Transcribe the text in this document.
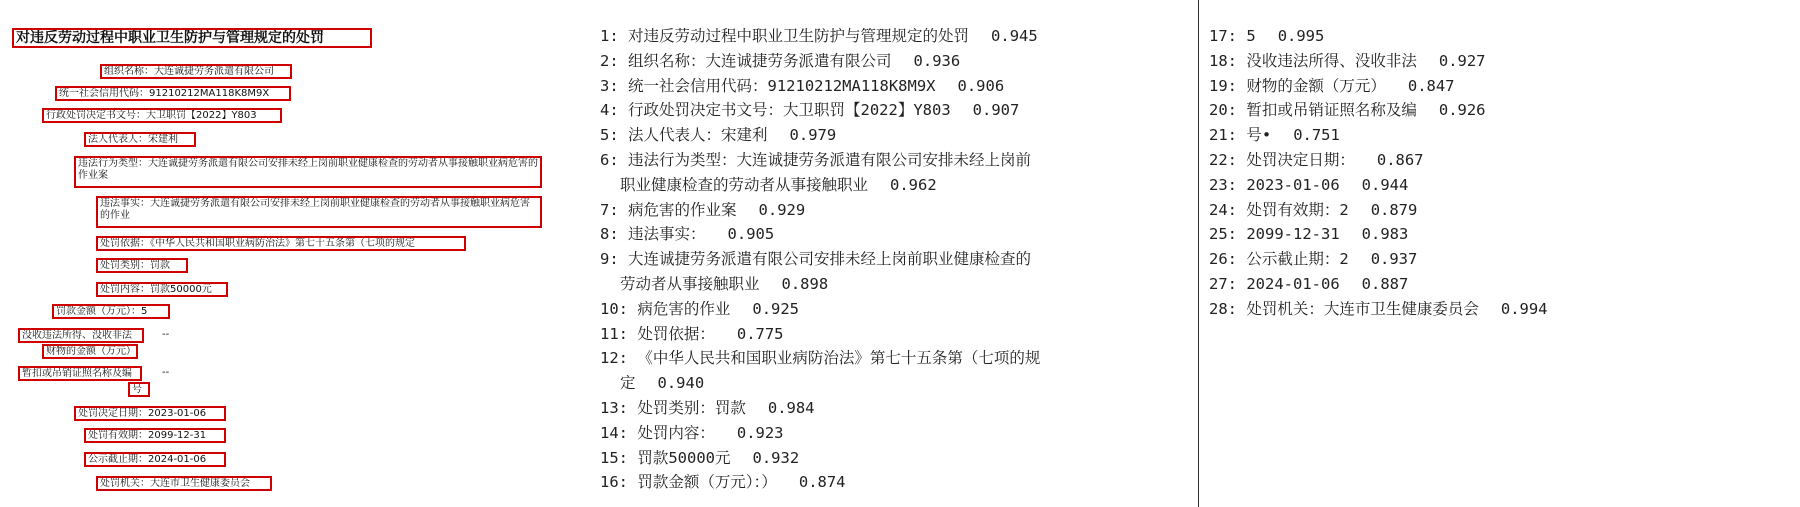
对违反劳动过程中职业卫生防护与管理规定的处罚
组织名称：大连诚捷劳务派遣有限公司
统一社会信用代码：91210212MA118K8M9X
行政处罚决定书文号：大卫职罚【2022】Y803
法人代表人：宋建利
违法行为类型：大连诚捷劳务派遣有限公司安排未经上岗前职业健康检查的劳动者从事接触职业病危害的作业案
违法事实：大连诚捷劳务派遣有限公司安排未经上岗前职业健康检查的劳动者从事接触职业病危害的作业
处罚依据：《中华人民共和国职业病防治法》第七十五条第（七项的规定
处罚类别：罚款
处罚内容：罚款50000元
罚款金额（万元）：5
没收违法所得、没收非法	--
财物的金额（万元）
暂扣或吊销证照名称及编	--
号
处罚决定日期：2023-01-06
处罚有效期：2099-12-31
公示截止期：2024-01-06
处罚机关：大连市卫生健康委员会
1: 对违反劳动过程中职业卫生防护与管理规定的处罚 0.945
2: 组织名称：大连诚捷劳务派遣有限公司 0.936
3: 统一社会信用代码：91210212MA118K8M9X 0.906
4: 行政处罚决定书文号：大卫职罚【2022】Y803 0.907
5: 法人代表人：宋建利 0.979
6: 违法行为类型：大连诚捷劳务派遣有限公司安排未经上岗前
职业健康检查的劳动者从事接触职业 0.962
7: 病危害的作业案 0.929
8: 违法事实： 0.905
9: 大连诚捷劳务派遣有限公司安排未经上岗前职业健康检查的
劳动者从事接触职业 0.898
10: 病危害的作业 0.925
11: 处罚依据： 0.775
12: 《中华人民共和国职业病防治法》第七十五条第（七项的规
定 0.940
13: 处罚类别：罚款 0.984
14: 处罚内容： 0.923
15: 罚款50000元 0.932
16: 罚款金额（万元）：） 0.874
17: 5 0.995
18: 没收违法所得、没收非法 0.927
19: 财物的金额（万元） 0.847
20: 暂扣或吊销证照名称及编 0.926
21: 号• 0.751
22: 处罚决定日期： 0.867
23: 2023-01-06 0.944
24: 处罚有效期：2 0.879
25: 2099-12-31 0.983
26: 公示截止期：2 0.937
27: 2024-01-06 0.887
28: 处罚机关：大连市卫生健康委员会 0.994
